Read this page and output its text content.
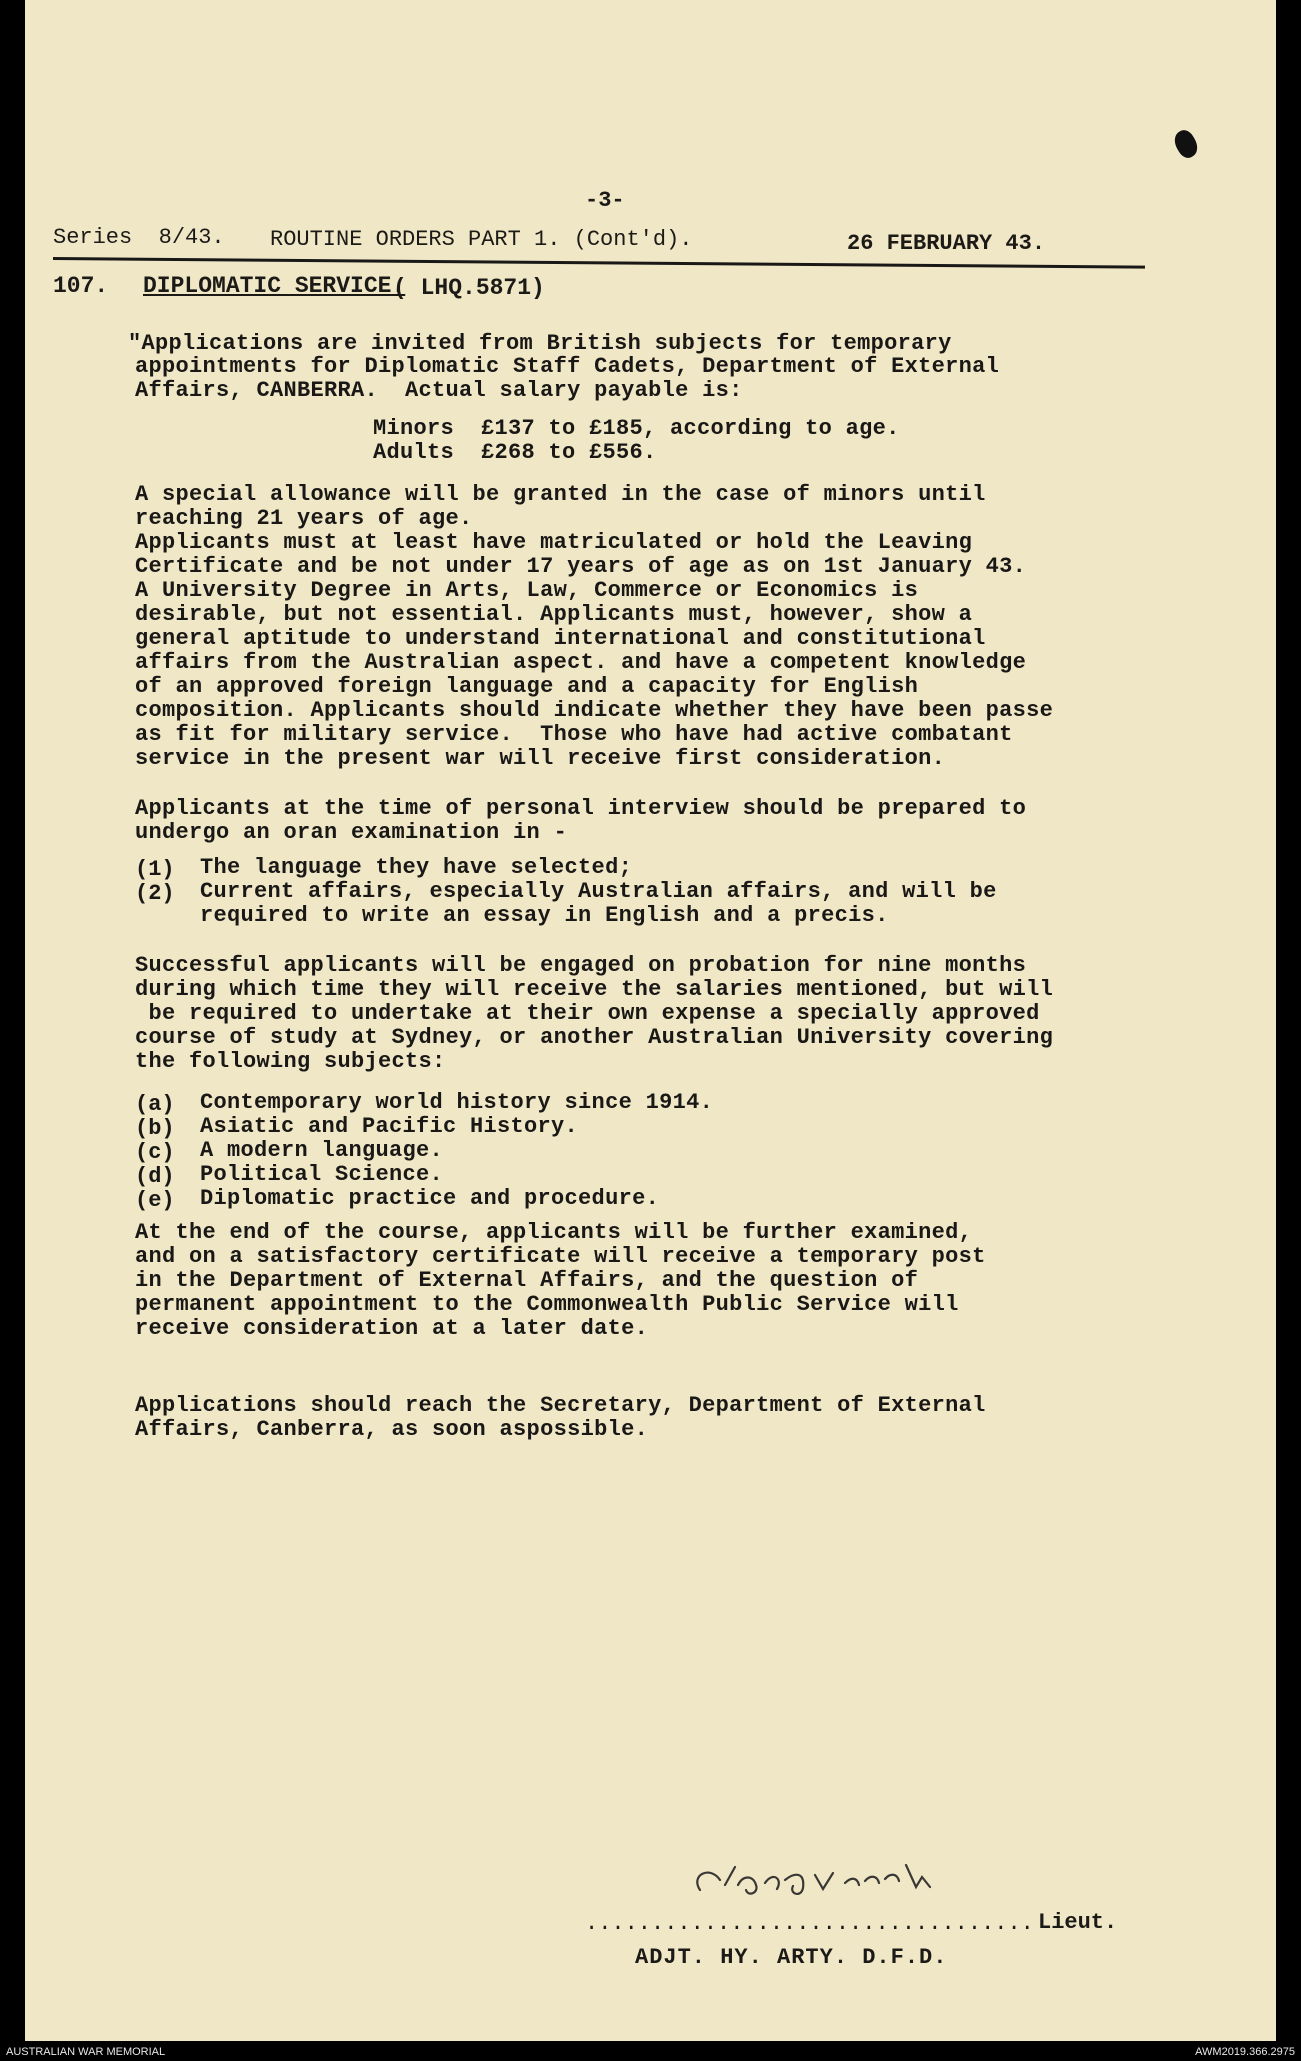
-3-
Series  8/43. ROUTINE ORDERS PART 1. (Cont'd).	26 FEBRUARY 43.
107. DIPLOMATIC SERVICE.
( LHQ.5871)
"Applications are invited from British subjects for temporary
appointments for Diplomatic Staff Cadets, Department of External
Affairs, CANBERRA.  Actual salary payable is:
Minors  £137 to £185, according to age.
Adults  £268 to £556.
A special allowance will be granted in the case of minors until
reaching 21 years of age.
Applicants must at least have matriculated or hold the Leaving
Certificate and be not under 17 years of age as on 1st January 43.
A University Degree in Arts, Law, Commerce or Economics is
desirable, but not essential. Applicants must, however, show a
general aptitude to understand international and constitutional
affairs from the Australian aspect. and have a competent knowledge
of an approved foreign language and a capacity for English
composition. Applicants should indicate whether they have been passe
as fit for military service.  Those who have had active combatant
service in the present war will receive first consideration.
Applicants at the time of personal interview should be prepared to
undergo an oran examination in -
(1) The language they have selected;
(2) Current affairs, especially Australian affairs, and will be
required to write an essay in English and a precis.
Successful applicants will be engaged on probation for nine months
during which time they will receive the salaries mentioned, but will
be required to undertake at their own expense a specially approved
course of study at Sydney, or another Australian University covering
the following subjects:
(a) Contemporary world history since 1914.
(b) Asiatic and Pacific History.
(c) A modern language.
(d) Political Science.
(e) Diplomatic practice and procedure.
At the end of the course, applicants will be further examined,
and on a satisfactory certificate will receive a temporary post
in the Department of External Affairs, and the question of
permanent appointment to the Commonwealth Public Service will
receive consideration at a later date.
Applications should reach the Secretary, Department of External
Affairs, Canberra, as soon aspossible.
.................................. Lieut.
ADJT. HY. ARTY. D.F.D.
AUSTRALIAN WAR MEMORIAL	AWM2019.366.2975
